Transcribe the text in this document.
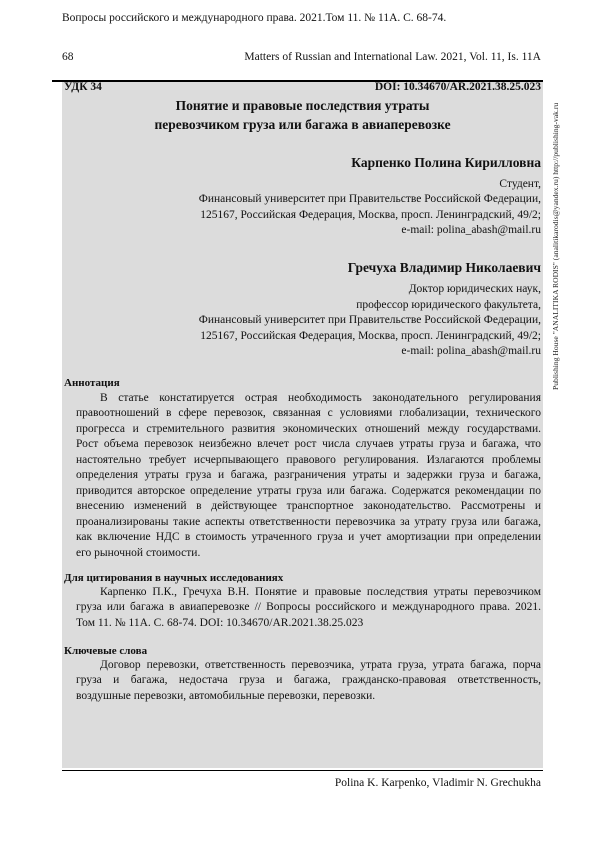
Вопросы российского и международного права. 2021.Том 11. № 11А. С. 68-74.
68	Matters of Russian and International Law. 2021, Vol. 11, Is. 11A
УДК 34	DOI: 10.34670/AR.2021.38.25.023
Понятие и правовые последствия утраты
перевозчиком груза или багажа в авиаперевозке
Карпенко Полина Кирилловна
Студент,
Финансовый университет при Правительстве Российской Федерации,
125167, Российская Федерация, Москва, просп. Ленинградский, 49/2;
e-mail: polina_abash@mail.ru
Гречуха Владимир Николаевич
Доктор юридических наук,
профессор юридического факультета,
Финансовый университет при Правительстве Российской Федерации,
125167, Российская Федерация, Москва, просп. Ленинградский, 49/2;
e-mail: polina_abash@mail.ru
Аннотация
В статье констатируется острая необходимость законодательного регулирования
правоотношений в сфере перевозок, связанная с условиями глобализации, технического
прогресса и стремительного развития экономических отношений между государствами.
Рост объема перевозок неизбежно влечет рост числа случаев утраты груза и багажа, что
настоятельно требует исчерпывающего правового регулирования. Излагаются проблемы
определения утраты груза и багажа, разграничения утраты и задержки груза и багажа,
приводится авторское определение утраты груза или багажа. Содержатся рекомендации по
внесению изменений в действующее транспортное законодательство. Рассмотрены и
проанализированы такие аспекты ответственности перевозчика за утрату груза или багажа,
как включение НДС в стоимость утраченного груза и учет амортизации при определении
его рыночной стоимости.
Для цитирования в научных исследованиях
Карпенко П.К., Гречуха В.Н. Понятие и правовые последствия утраты перевозчиком
груза или багажа в авиаперевозке // Вопросы российского и международного права. 2021.
Том 11. № 11А. С. 68-74. DOI: 10.34670/AR.2021.38.25.023
Ключевые слова
Договор перевозки, ответственность перевозчика, утрата груза, утрата багажа, порча
груза и багажа, недостача груза и багажа, гражданско-правовая ответственность,
воздушные перевозки, автомобильные перевозки, перевозки.
Publishing House "ANALITIKA RODIS" (analitikarodis@yandex.ru) http://publishing-vak.ru
Polina K. Karpenko, Vladimir N. Grechukha
